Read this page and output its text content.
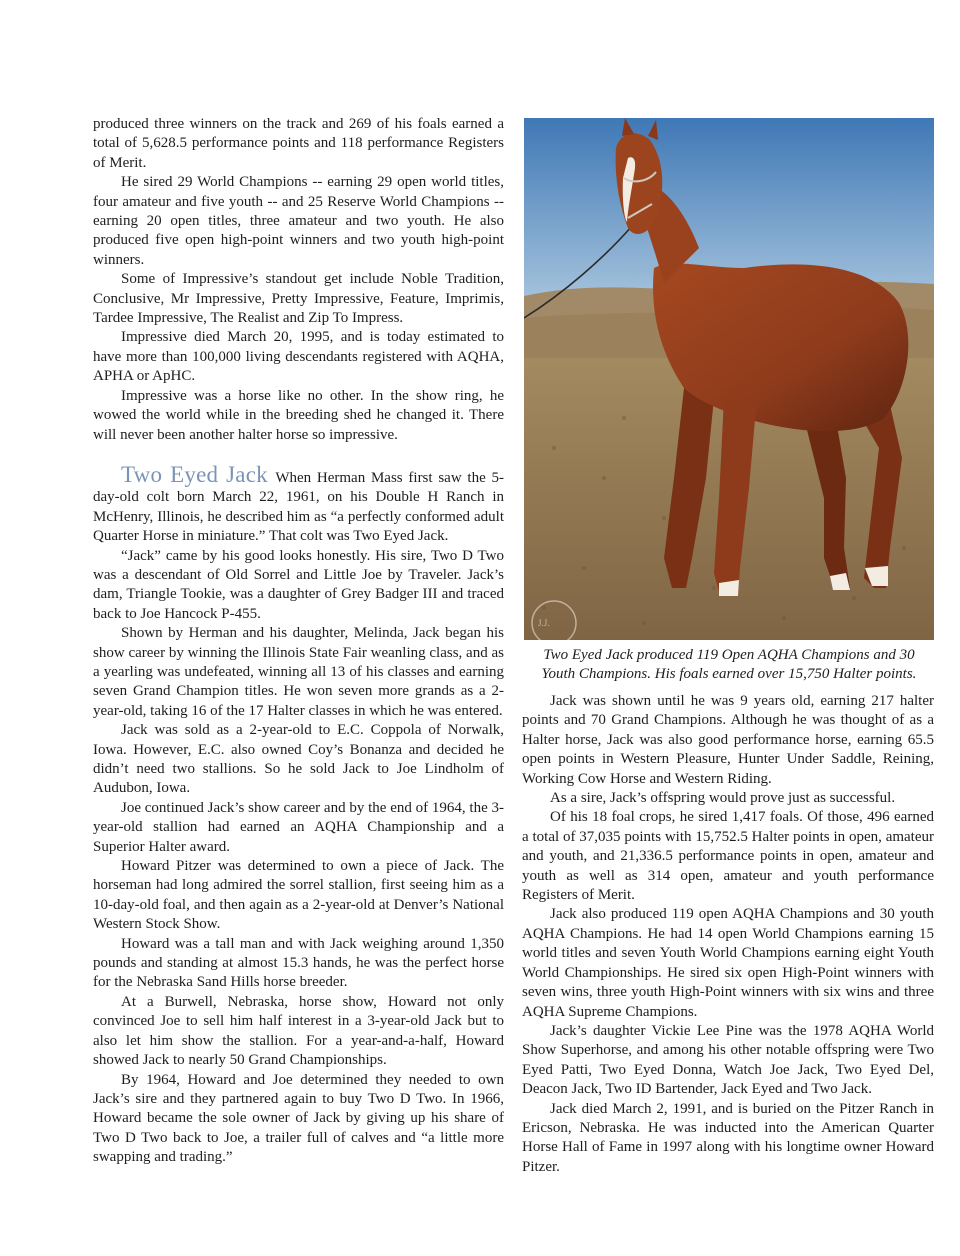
produced three winners on the track and 269 of his foals earned a total of 5,628.5 performance points and 118 performance Registers of Merit.

He sired 29 World Champions -- earning 29 open world titles, four amateur and five youth -- and 25 Reserve World Champions -- earning 20 open titles, three amateur and two youth. He also produced five open high-point winners and two youth high-point winners.

Some of Impressive’s standout get include Noble Tradition, Conclusive, Mr Impressive, Pretty Impressive, Feature, Imprimis, Tardee Impressive, The Realist and Zip To Impress.

Impressive died March 20, 1995, and is today estimated to have more than 100,000 living descendants registered with AQHA, APHA or ApHC.

Impressive was a horse like no other. In the show ring, he wowed the world while in the breeding shed he changed it. There will never been another halter horse so impressive.

Two Eyed Jack When Herman Mass first saw the 5-day-old colt born March 22, 1961, on his Double H Ranch in McHenry, Illinois, he described him as “a perfectly conformed adult Quarter Horse in miniature.” That colt was Two Eyed Jack.

“Jack” came by his good looks honestly. His sire, Two D Two was a descendant of Old Sorrel and Little Joe by Traveler. Jack’s dam, Triangle Tookie, was a daughter of Grey Badger III and traced back to Joe Hancock P-455.

Shown by Herman and his daughter, Melinda, Jack began his show career by winning the Illinois State Fair weanling class, and as a yearling was undefeated, winning all 13 of his classes and earning seven Grand Champion titles. He won seven more grands as a 2-year-old, taking 16 of the 17 Halter classes in which he was entered.

Jack was sold as a 2-year-old to E.C. Coppola of Norwalk, Iowa. However, E.C. also owned Coy’s Bonanza and decided he didn’t need two stallions. So he sold Jack to Joe Lindholm of Audubon, Iowa.

Joe continued Jack’s show career and by the end of 1964, the 3-year-old stallion had earned an AQHA Championship and a Superior Halter award.

Howard Pitzer was determined to own a piece of Jack. The horseman had long admired the sorrel stallion, first seeing him as a 10-day-old foal, and then again as a 2-year-old at Denver’s National Western Stock Show.

Howard was a tall man and with Jack weighing around 1,350 pounds and standing at almost 15.3 hands, he was the perfect horse for the Nebraska Sand Hills horse breeder.

At a Burwell, Nebraska, horse show, Howard not only convinced Joe to sell him half interest in a 3-year-old Jack but to also let him show the stallion. For a year-and-a-half, Howard showed Jack to nearly 50 Grand Championships.

By 1964, Howard and Joe determined they needed to own Jack’s sire and they partnered again to buy Two D Two. In 1966, Howard became the sole owner of Jack by giving up his share of Two D Two back to Joe, a trailer full of calves and “a little more swapping and trading.”

J.J.
Two Eyed Jack produced 119 Open AQHA Champions and 30
Youth Champions. His foals earned over 15,750 Halter points.

Jack was shown until he was 9 years old, earning 217 halter points and 70 Grand Champions. Although he was thought of as a Halter horse, Jack was also good performance horse, earning 65.5 open points in Western Pleasure, Hunter Under Saddle, Reining, Working Cow Horse and Western Riding.

As a sire, Jack’s offspring would prove just as successful.

Of his 18 foal crops, he sired 1,417 foals. Of those, 496 earned a total of 37,035 points with 15,752.5 Halter points in open, amateur and youth, and 21,336.5 performance points in open, amateur and youth as well as 314 open, amateur and youth performance Registers of Merit.

Jack also produced 119 open AQHA Champions and 30 youth AQHA Champions. He had 14 open World Champions earning 15 world titles and seven Youth World Champions earning eight Youth World Championships. He sired six open High-Point winners with seven wins, three youth High-Point winners with six wins and three AQHA Supreme Champions.

Jack’s daughter Vickie Lee Pine was the 1978 AQHA World Show Superhorse, and among his other notable offspring were Two Eyed Patti, Two Eyed Donna, Watch Joe Jack, Two Eyed Del, Deacon Jack, Two ID Bartender, Jack Eyed and Two Jack.

Jack died March 2, 1991, and is buried on the Pitzer Ranch in Ericson, Nebraska. He was inducted into the American Quarter Horse Hall of Fame in 1997 along with his longtime owner Howard Pitzer.
